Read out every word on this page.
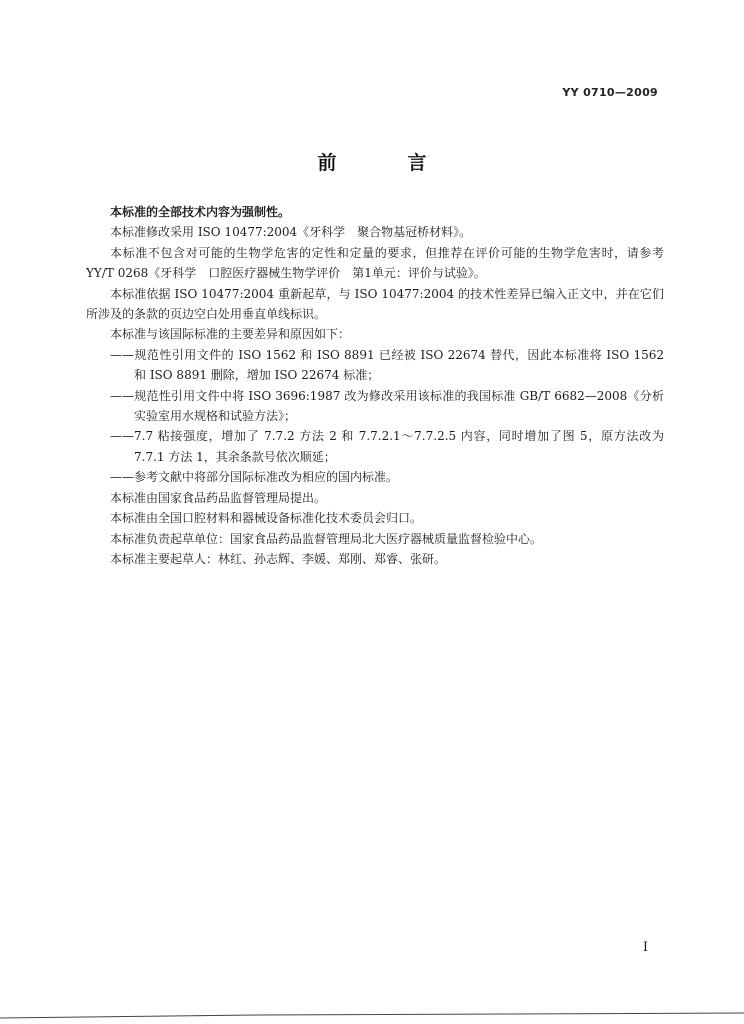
YY 0710—2009
前　言

本标准的全部技术内容为强制性。

本标准修改采用 ISO 10477:2004《牙科学　聚合物基冠桥材料》。

本标准不包含对可能的生物学危害的定性和定量的要求，但推荐在评价可能的生物学危害时，请参考 YY/T 0268《牙科学　口腔医疗器械生物学评价　第1单元：评价与试验》。

本标准依据 ISO 10477:2004 重新起草，与 ISO 10477:2004 的技术性差异已编入正文中，并在它们所涉及的条款的页边空白处用垂直单线标识。

本标准与该国际标准的主要差异和原因如下：

——规范性引用文件的 ISO 1562 和 ISO 8891 已经被 ISO 22674 替代，因此本标准将 ISO 1562 和 ISO 8891 删除，增加 ISO 22674 标准；

——规范性引用文件中将 ISO 3696:1987 改为修改采用该标准的我国标准 GB/T 6682—2008《分析实验室用水规格和试验方法》；

——7.7 粘接强度，增加了 7.7.2 方法 2 和 7.7.2.1～7.7.2.5 内容，同时增加了图 5，原方法改为 7.7.1 方法 1，其余条款号依次顺延；

——参考文献中将部分国际标准改为相应的国内标准。

本标准由国家食品药品监督管理局提出。

本标准由全国口腔材料和器械设备标准化技术委员会归口。

本标准负责起草单位：国家食品药品监督管理局北大医疗器械质量监督检验中心。

本标准主要起草人：林红、孙志辉、李媛、郑刚、郑睿、张研。

I
